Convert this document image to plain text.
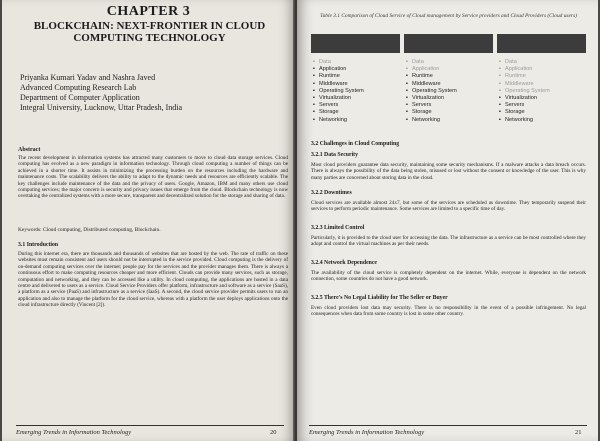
CHAPTER 3
BLOCKCHAIN: NEXT-FRONTIER IN CLOUD COMPUTING TECHNOLOGY
Priyanka Kumari Yadav and Nashra Javed
Advanced Computing Research Lab
Department of Computer Application
Integral University, Lucknow, Uttar Pradesh, India
Abstract
The recent development in information systems has attracted many customers to move to cloud data storage services. Cloud computing has evolved as a new paradigm in information technology. Through cloud computing a number of things can be achieved in a shorter time. It assists in minimizing the processing burden on the resources including the hardware and maintenance costs. The scalability delivers the ability to adapt to the dynamic needs and resources are efficiently scalable. The key challenges include maintenance of the data and the privacy of users. Google, Amazon, IBM and many others use cloud computing services; the major concern is security and privacy issues that emerge from the cloud. Blockchain technology is now overtaking the centralized systems with a more secure, transparent and decentralized solution for the storage and sharing of data.
Keywords: Cloud computing, Distributed computing, Blockchain.
3.1 Introduction
During this internet era, there are thousands and thousands of websites that are hosted by the web. The rate of traffic on these websites must remain consistent and users should not be interrupted in the service provided. Cloud computing is the delivery of on-demand computing services over the internet; people pay for the services and the provider manages them. There is always a continuous effort to make computing resources cheaper and more efficient. Clouds can provide many services, such as storage, computation and networking, and they can be accessed like a utility. In cloud computing, the applications are hosted in a data centre and delivered to users as a service. Cloud Service Providers offer platform, infrastructure and software as a service (SaaS), a platform as a service (PaaS) and infrastructure as a service (IaaS). A second, the cloud service provider permits users to run an application and also to manage the platform for the cloud service, whereas with a platform the user deploys applications onto the cloud infrastructure directly (Vincent [2]).
Emerging Trends in Information Technology	20
Table 3.1 Comparison of Cloud Service of Cloud management by Service providers and Cloud Providers (Cloud users)
▪ Data
▪ Application
▪ Runtime
▪ Middleware
▪ Operating System
▪ Virtualization
▪ Servers
▪ Storage
▪ Networking
▪ Data
▪ Application
▪ Runtime
▪ Middleware
▪ Operating System
▪ Virtualization
▪ Servers
▪ Storage
▪ Networking
▪ Data
▪ Application
▪ Runtime
▪ Middleware
▪ Operating System
▪ Virtualization
▪ Servers
▪ Storage
▪ Networking
3.2 Challenges in Cloud Computing
3.2.1 Data Security
Most cloud providers guarantee data security, maintaining some security mechanisms. If a malware attacks a data breach occurs. There is always the possibility of the data being stolen, misused or lost without the consent or knowledge of the user. This is why many parties are concerned about storing data in the cloud.
3.2.2 Downtimes
Cloud services are available almost 24x7, but some of the services are scheduled as downtime. They temporarily suspend their services to perform periodic maintenance. Some services are limited to a specific time of day.
3.2.3 Limited Control
Particularly, it is provided to the cloud user for accessing the data. The infrastructure as a service can be most controlled where they adopt and control the virtual machines as per their needs.
3.2.4 Network Dependence
The availability of the cloud service is completely dependent on the internet. While, everyone is dependent on the network connection, some countries do not have a good network.
3.2.5 There's No Legal Liability for The Seller or Buyer
Even cloud providers lost data may security. There is no responsibility in the event of a possible infringement. No legal consequences when data from some country is lost in some other country.
Emerging Trends in Information Technology	21
